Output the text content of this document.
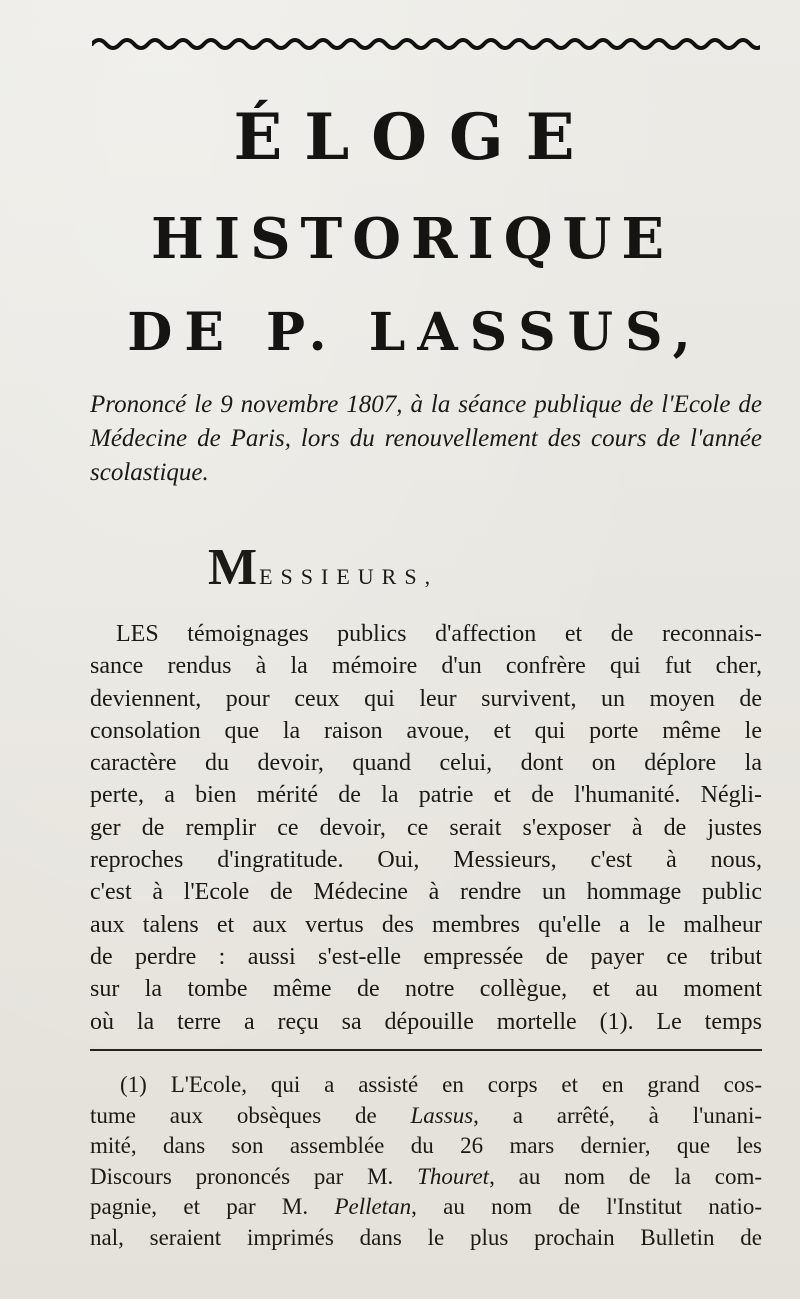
ÉLOGE
HISTORIQUE
DE P. LASSUS,
Prononcé le 9 novembre 1807, à la séance publique de l'Ecole de Médecine de Paris, lors du renouvellement des cours de l'année scolastique.
MESSIEURS,
LES témoignages publics d'affection et de reconnais-
sance rendus à la mémoire d'un confrère qui fut cher,
deviennent, pour ceux qui leur survivent, un moyen de
consolation que la raison avoue, et qui porte même le
caractère du devoir, quand celui, dont on déplore la
perte, a bien mérité de la patrie et de l'humanité. Négli-
ger de remplir ce devoir, ce serait s'exposer à de justes
reproches d'ingratitude. Oui, Messieurs, c'est à nous,
c'est à l'Ecole de Médecine à rendre un hommage public
aux talens et aux vertus des membres qu'elle a le malheur
de perdre : aussi s'est-elle empressée de payer ce tribut
sur la tombe même de notre collègue, et au moment
où la terre a reçu sa dépouille mortelle (1). Le temps
(1) L'Ecole, qui a assisté en corps et en grand cos-
tume aux obsèques de Lassus, a arrêté, à l'unani-
mité, dans son assemblée du 26 mars dernier, que les
Discours prononcés par M. Thouret, au nom de la com-
pagnie, et par M. Pelletan, au nom de l'Institut natio-
nal, seraient imprimés dans le plus prochain Bulletin de
